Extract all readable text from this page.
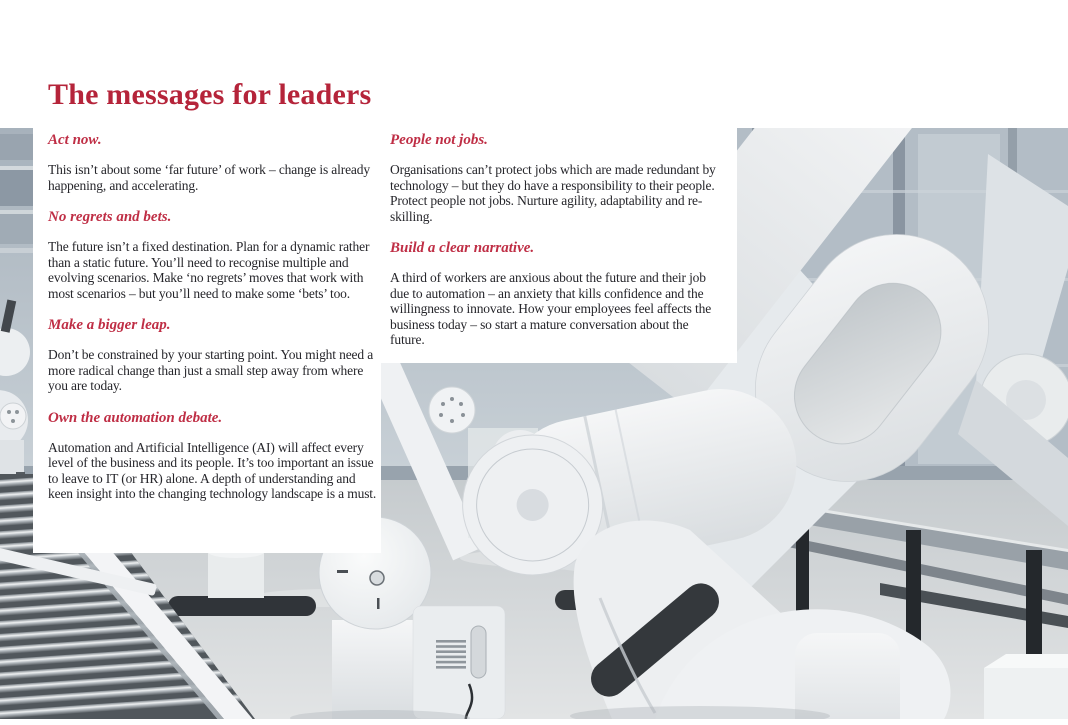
The messages for leaders
Act now.

This isn’t about some ‘far future’ of work – change is already happening, and accelerating.

No regrets and bets.

The future isn’t a fixed destination. Plan for a dynamic rather than a static future. You’ll need to recognise multiple and evolving scenarios. Make ‘no regrets’ moves that work with most scenarios – but you’ll need to make some ‘bets’ too.

Make a bigger leap.

Don’t be constrained by your starting point. You might need a more radical change than just a small step away from where you are today.

Own the automation debate.

Automation and Artificial Intelligence (AI) will affect every level of the business and its people. It’s too important an issue to leave to IT (or HR) alone. A depth of understanding and keen insight into the changing technology landscape is a must.

People not jobs.

Organisations can’t protect jobs which are made redundant by technology – but they do have a responsibility to their people. Protect people not jobs. Nurture agility, adaptability and re-skilling.

Build a clear narrative.

A third of workers are anxious about the future and their job due to automation – an anxiety that kills confidence and the willingness to innovate. How your employees feel affects the business today – so start a mature conversation about the future.
